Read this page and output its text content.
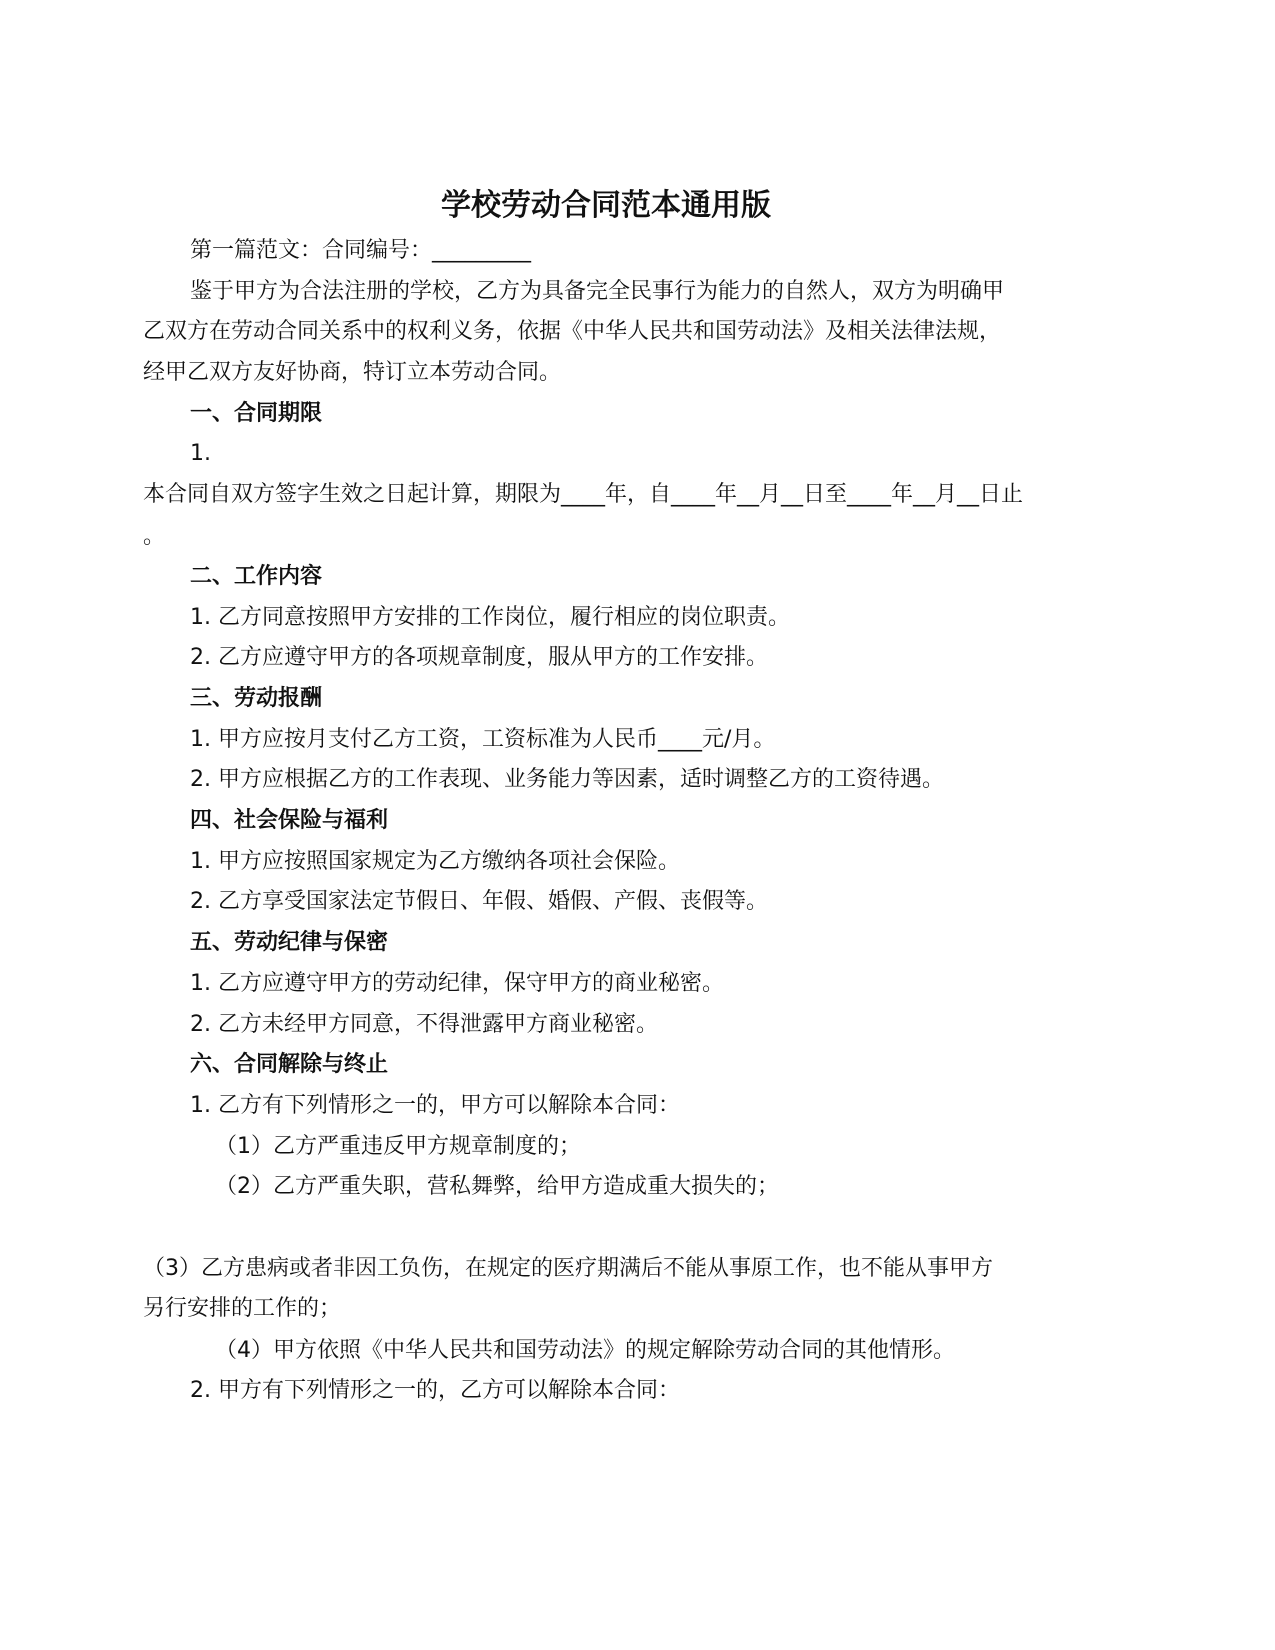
学校劳动合同范本通用版
第一篇范文：合同编号：_________
鉴于甲方为合法注册的学校，乙方为具备完全民事行为能力的自然人，双方为明确甲
乙双方在劳动合同关系中的权利义务，依据《中华人民共和国劳动法》及相关法律法规，
经甲乙双方友好协商，特订立本劳动合同。
一、合同期限
1.
本合同自双方签字生效之日起计算，期限为____年，自____年__月__日至____年__月__日止
。
二、工作内容
1. 乙方同意按照甲方安排的工作岗位，履行相应的岗位职责。
2. 乙方应遵守甲方的各项规章制度，服从甲方的工作安排。
三、劳动报酬
1. 甲方应按月支付乙方工资，工资标准为人民币____元/月。
2. 甲方应根据乙方的工作表现、业务能力等因素，适时调整乙方的工资待遇。
四、社会保险与福利
1. 甲方应按照国家规定为乙方缴纳各项社会保险。
2. 乙方享受国家法定节假日、年假、婚假、产假、丧假等。
五、劳动纪律与保密
1. 乙方应遵守甲方的劳动纪律，保守甲方的商业秘密。
2. 乙方未经甲方同意，不得泄露甲方商业秘密。
六、合同解除与终止
1. 乙方有下列情形之一的，甲方可以解除本合同：
（1）乙方严重违反甲方规章制度的；
（2）乙方严重失职，营私舞弊，给甲方造成重大损失的；
（3）乙方患病或者非因工负伤，在规定的医疗期满后不能从事原工作，也不能从事甲方
另行安排的工作的；
（4）甲方依照《中华人民共和国劳动法》的规定解除劳动合同的其他情形。
2. 甲方有下列情形之一的，乙方可以解除本合同：
